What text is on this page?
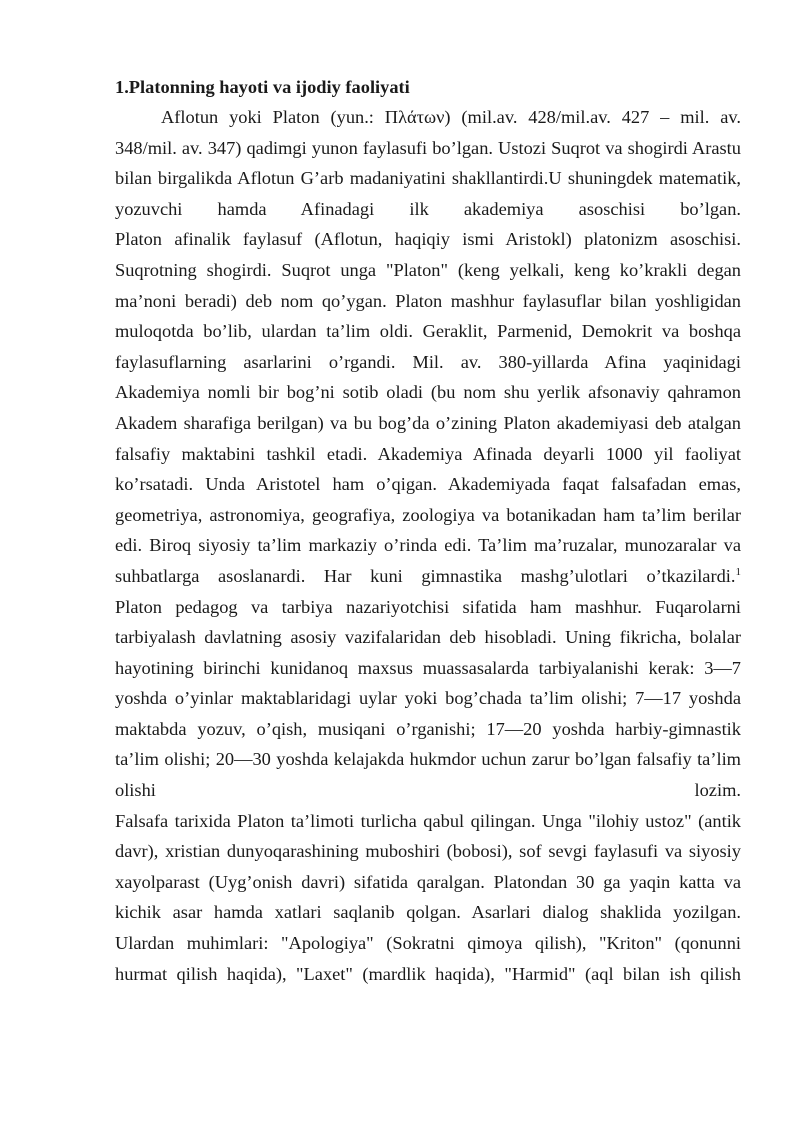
1.Platonning hayoti va ijodiy faoliyati

Aflotun yoki Platon (yun.: Πλάτων) (mil.av. 428/mil.av. 427 – mil. av. 348/mil. av. 347) qadimgi yunon faylasufi bo’lgan. Ustozi Suqrot va shogirdi Arastu bilan birgalikda Aflotun G’arb madaniyatini shakllantirdi.U shuningdek matematik, yozuvchi hamda Afinadagi ilk akademiya asoschisi bo’lgan.

Platon afinalik faylasuf (Aflotun, haqiqiy ismi Aristokl) platonizm asoschisi. Suqrotning shogirdi. Suqrot unga "Platon" (keng yelkali, keng ko’krakli degan ma’noni beradi) deb nom qo’ygan. Platon mashhur faylasuflar bilan yoshligidan muloqotda bo’lib, ulardan ta’lim oldi. Geraklit, Parmenid, Demokrit va boshqa faylasuflarning asarlarini o’rgandi. Mil. av. 380-yillarda Afina yaqinidagi Akademiya nomli bir bog’ni sotib oladi (bu nom shu yerlik afsonaviy qahramon Akadem sharafiga berilgan) va bu bog’da o’zining Platon akademiyasi deb atalgan falsafiy maktabini tashkil etadi. Akademiya Afinada deyarli 1000 yil faoliyat ko’rsatadi. Unda Aristotel ham o’qigan. Akademiyada faqat falsafadan emas, geometriya, astronomiya, geografiya, zoologiya va botanikadan ham ta’lim berilar edi. Biroq siyosiy ta’lim markaziy o’rinda edi. Ta’lim ma’ruzalar, munozaralar va suhbatlarga asoslanardi. Har kuni gimnastika mashg’ulotlari o’tkazilardi.$^1$

Platon pedagog va tarbiya nazariyotchisi sifatida ham mashhur. Fuqarolarni tarbiyalash davlatning asosiy vazifalaridan deb hisobladi. Uning fikricha, bolalar hayotining birinchi kunidanoq maxsus muassasalarda tarbiyalanishi kerak: 3—7 yoshda o’yinlar maktablaridagi uylar yoki bog’chada ta’lim olishi; 7—17 yoshda maktabda yozuv, o’qish, musiqani o’rganishi; 17—20 yoshda harbiy-gimnastik ta’lim olishi; 20—30 yoshda kelajakda hukmdor uchun zarur bo’lgan falsafiy ta’lim olishi lozim.

Falsafa tarixida Platon ta’limoti turlicha qabul qilingan. Unga "ilohiy ustoz" (antik davr), xristian dunyoqarashining muboshiri (bobosi), sof sevgi faylasufi va siyosiy xayolparast (Uyg’onish davri) sifatida qaralgan. Platondan 30 ga yaqin katta va kichik asar hamda xatlari saqlanib qolgan. Asarlari dialog shaklida yozilgan. Ulardan muhimlari: "Apologiya" (Sokratni qimoya qilish), "Kriton" (qonunni hurmat qilish haqida), "Laxet" (mardlik haqida), "Harmid" (aql bilan ish qilish
